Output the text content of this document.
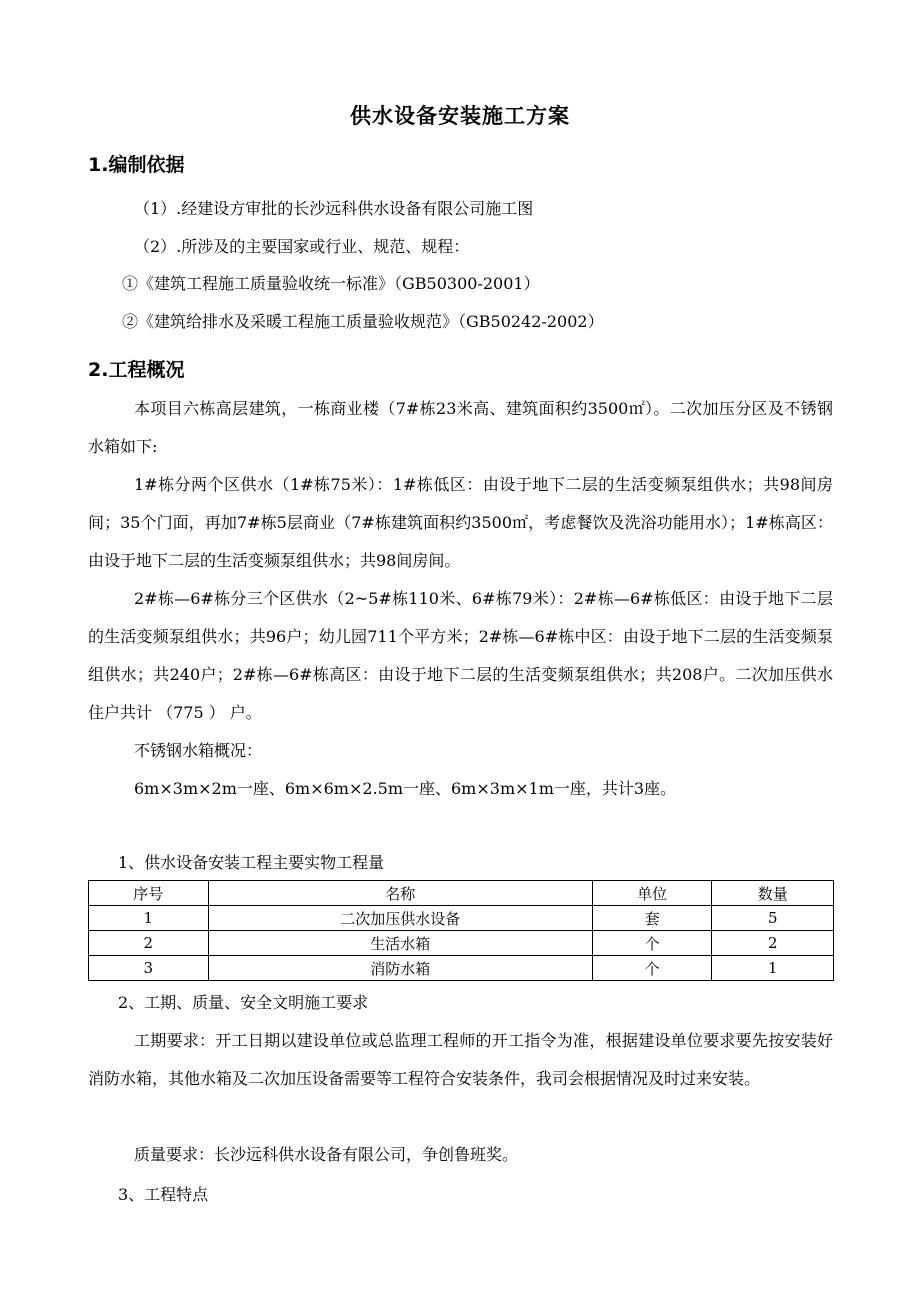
供水设备安装施工方案
1.编制依据

（1）.经建设方审批的长沙远科供水设备有限公司施工图

（2）.所涉及的主要国家或行业、规范、规程：

①《建筑工程施工质量验收统一标准》（GB50300-2001）

②《建筑给排水及采暖工程施工质量验收规范》（GB50242-2002）

2.工程概况

本项目六栋高层建筑，一栋商业楼（7#栋23米高、建筑面积约3500㎡）。二次加压分区及不锈钢水箱如下:

1#栋分两个区供水（1#栋75米）：1#栋低区：由设于地下二层的生活变频泵组供水；共98间房间；35个门面，再加7#栋5层商业（7#栋建筑面积约3500㎡，考虑餐饮及洗浴功能用水）；1#栋高区：由设于地下二层的生活变频泵组供水；共98间房间。

2#栋—6#栋分三个区供水（2~5#栋110米、6#栋79米）：2#栋—6#栋低区：由设于地下二层的生活变频泵组供水；共96户；幼儿园711个平方米；2#栋—6#栋中区：由设于地下二层的生活变频泵组供水；共240户；2#栋—6#栋高区：由设于地下二层的生活变频泵组供水；共208户。二次加压供水住户共计 （775 ） 户。

不锈钢水箱概况：

6m×3m×2m一座、6m×6m×2.5m一座、6m×3m×1m一座，共计3座。

1、供水设备安装工程主要实物工程量

序号	名称	单位	数量
1	二次加压供水设备	套	5
2	生活水箱	个	2
3	消防水箱	个	1

2、工期、质量、安全文明施工要求

工期要求：开工日期以建设单位或总监理工程师的开工指令为准，根据建设单位要求要先按安装好消防水箱，其他水箱及二次加压设备需要等工程符合安装条件，我司会根据情况及时过来安装。

质量要求：长沙远科供水设备有限公司，争创鲁班奖。

3、工程特点
